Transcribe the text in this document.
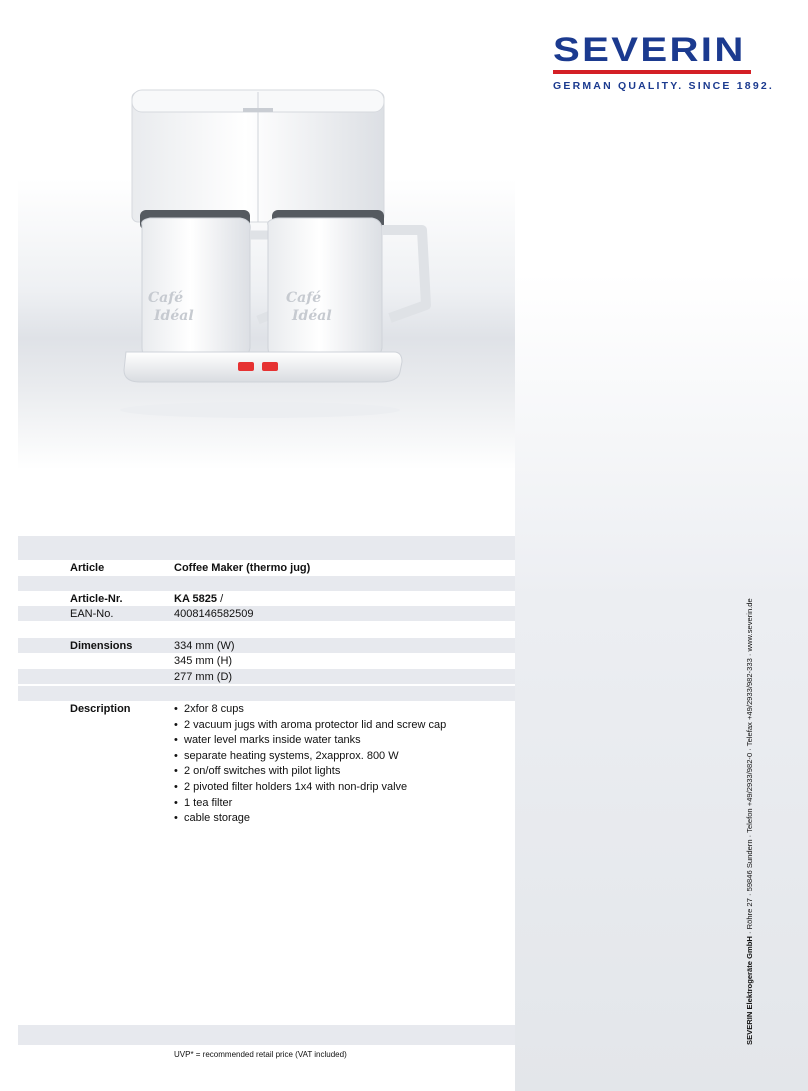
SEVERIN
GERMAN QUALITY. SINCE 1892.
Café
Idéal
Café
Idéal
Article	Coffee Maker (thermo jug)
Article-Nr.	KA 5825 /
EAN-No.	4008146582509
Dimensions	334 mm (W)
345 mm (H)
277 mm (D)
Description
•	2xfor 8 cups
• 2 vacuum jugs with aroma protector lid and screw cap
• water level marks inside water tanks
• separate heating systems, 2xapprox. 800 W
• 2 on/off switches with pilot lights
• 2 pivoted filter holders 1x4 with non-drip valve
• 1 tea filter
• cable storage
UVP* = recommended retail price (VAT included)
SEVERIN Elektrogeräte GmbH · Röhre 27 · 59846 Sundern · Telefon +49/2933/982-0 · Telefax +49/2933/982-333 · www.severin.de
